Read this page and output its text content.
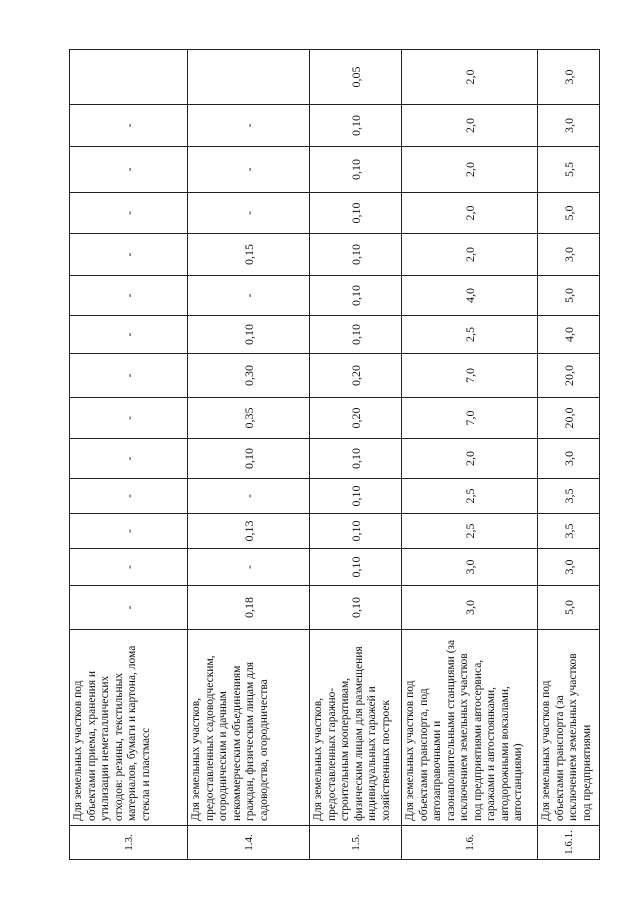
1.3.	Для земельных участков под объектами приема, хранения и утилизации неметаллических отходов: резины, текстильных материалов, бумаги и картона, лома стекла и пластмасс	-	-	-	-	-	-	-	-	-	-	-	-	-	
1.4.	Для земельных участков, предоставленных садоводческим, огородническим и дачным некоммерческим объединениям граждан, физическим лицам для садоводства, огородничества	0,18	-	0,13	-	0,10	0,35	0,30	0,10	-	0,15	-	-	-	
1.5.	Для земельных участков, предоставленных гаражно-строительным кооперативам, физическим лицам для размещения индивидуальных гаражей и хозяйственных построек	0,10	0,10	0,10	0,10	0,10	0,20	0,20	0,10	0,10	0,10	0,10	0,10	0,10	0,05
1.6.	Для земельных участков под объектами транспорта, под автозаправочными и газонаполнительными станциями (за исключением земельных участков под предприятиями автосервиса, гаражами и автостоянками, автодорожными вокзалами, автостанциями)	3,0	3,0	2,5	2,5	2,0	7,0	7,0	2,5	4,0	2,0	2,0	2,0	2,0	2,0
1.6.1.	Для земельных участков под объектами транспорта (за исключением земельных участков под предприятиями	5,0	3,0	3,5	3,5	3,0	20,0	20,0	4,0	5,0	3,0	5,0	5,5	3,0	3,0
